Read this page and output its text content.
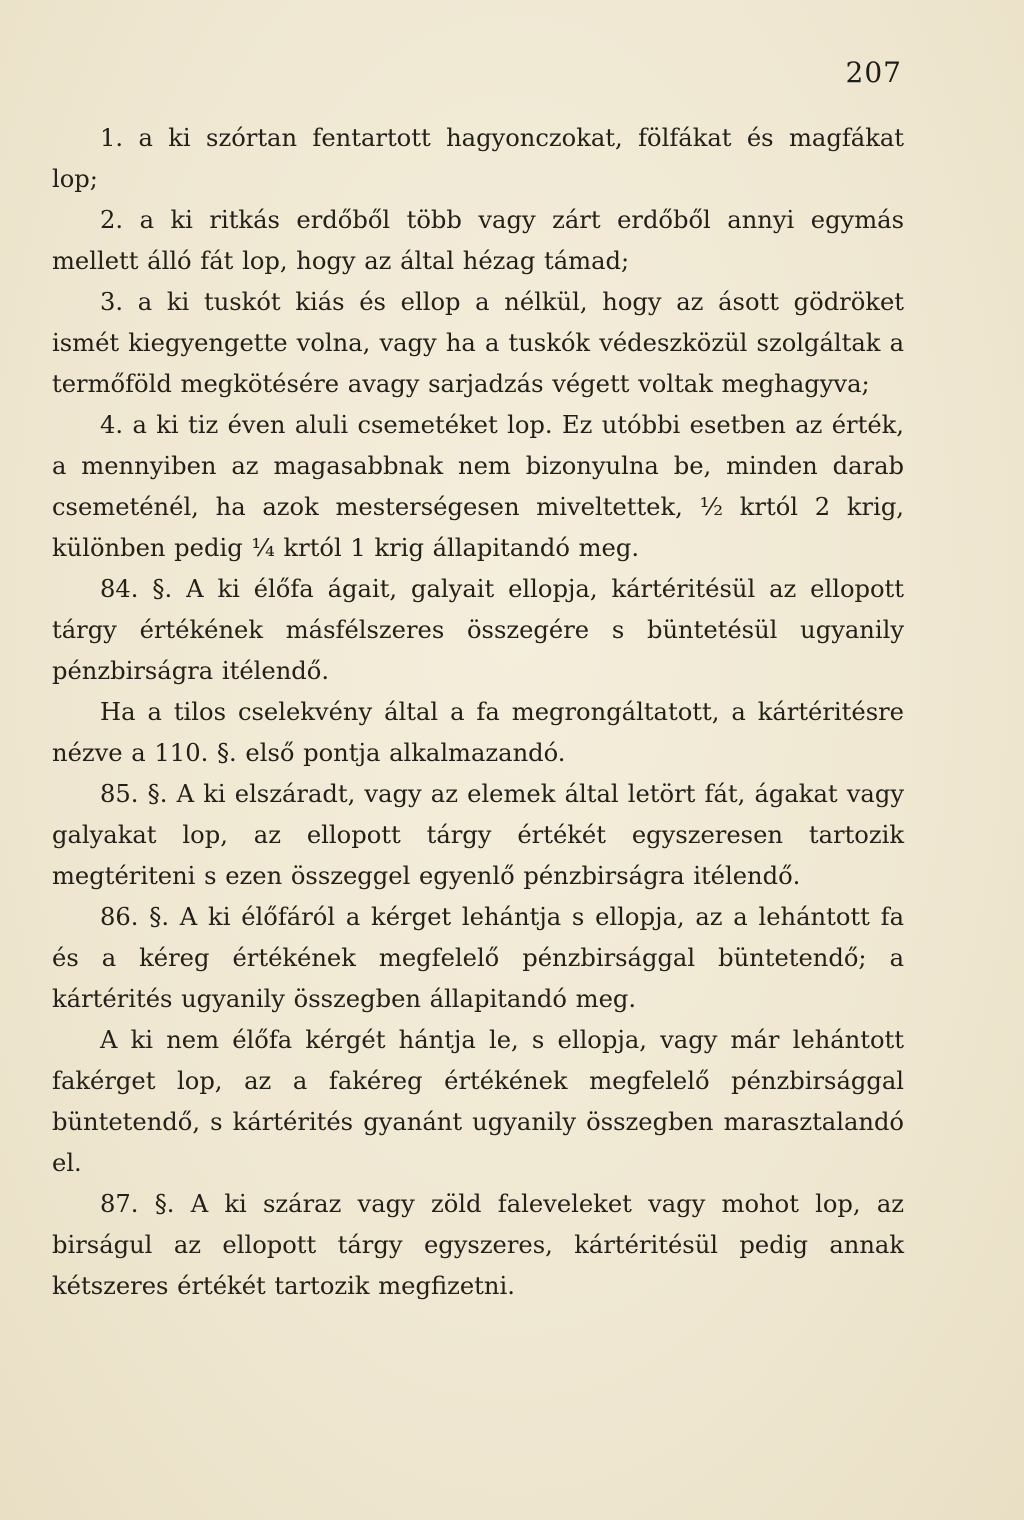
207

1. a ki szórtan fentartott hagyonczokat, fölfákat és magfákat lop;

2. a ki ritkás erdőből több vagy zárt erdőből annyi egymás mellett álló fát lop, hogy az által hézag támad;

3. a ki tuskót kiás és ellop a nélkül, hogy az ásott gödröket ismét kiegyengette volna, vagy ha a tuskók védeszközül szolgáltak a termőföld megkötésére avagy sarjadzás végett voltak meghagyva;

4. a ki tiz éven aluli csemetéket lop. Ez utóbbi esetben az érték, a mennyiben az magasabbnak nem bizonyulna be, minden darab csemeténél, ha azok mesterségesen miveltettek, ½ krtól 2 krig, különben pedig ¼ krtól 1 krig állapitandó meg.

84. §. A ki élőfa ágait, galyait ellopja, kártéritésül az ellopott tárgy értékének másfélszeres összegére s büntetésül ugyanily pénzbirságra itélendő.

Ha a tilos cselekvény által a fa megrongáltatott, a kártéritésre nézve a 110. §. első pontja alkalmazandó.

85. §. A ki elszáradt, vagy az elemek által letört fát, ágakat vagy galyakat lop, az ellopott tárgy értékét egyszeresen tartozik megtériteni s ezen összeggel egyenlő pénzbirságra itélendő.

86. §. A ki élőfáról a kérget lehántja s ellopja, az a lehántott fa és a kéreg értékének megfelelő pénzbirsággal büntetendő; a kártérités ugyanily összegben állapitandó meg.

A ki nem élőfa kérgét hántja le, s ellopja, vagy már lehántott fakérget lop, az a fakéreg értékének megfelelő pénzbirsággal büntetendő, s kártérités gyanánt ugyanily összegben marasztalandó el.

87. §. A ki száraz vagy zöld faleveleket vagy mohot lop, az birságul az ellopott tárgy egyszeres, kártéritésül pedig annak kétszeres értékét tartozik megfizetni.
